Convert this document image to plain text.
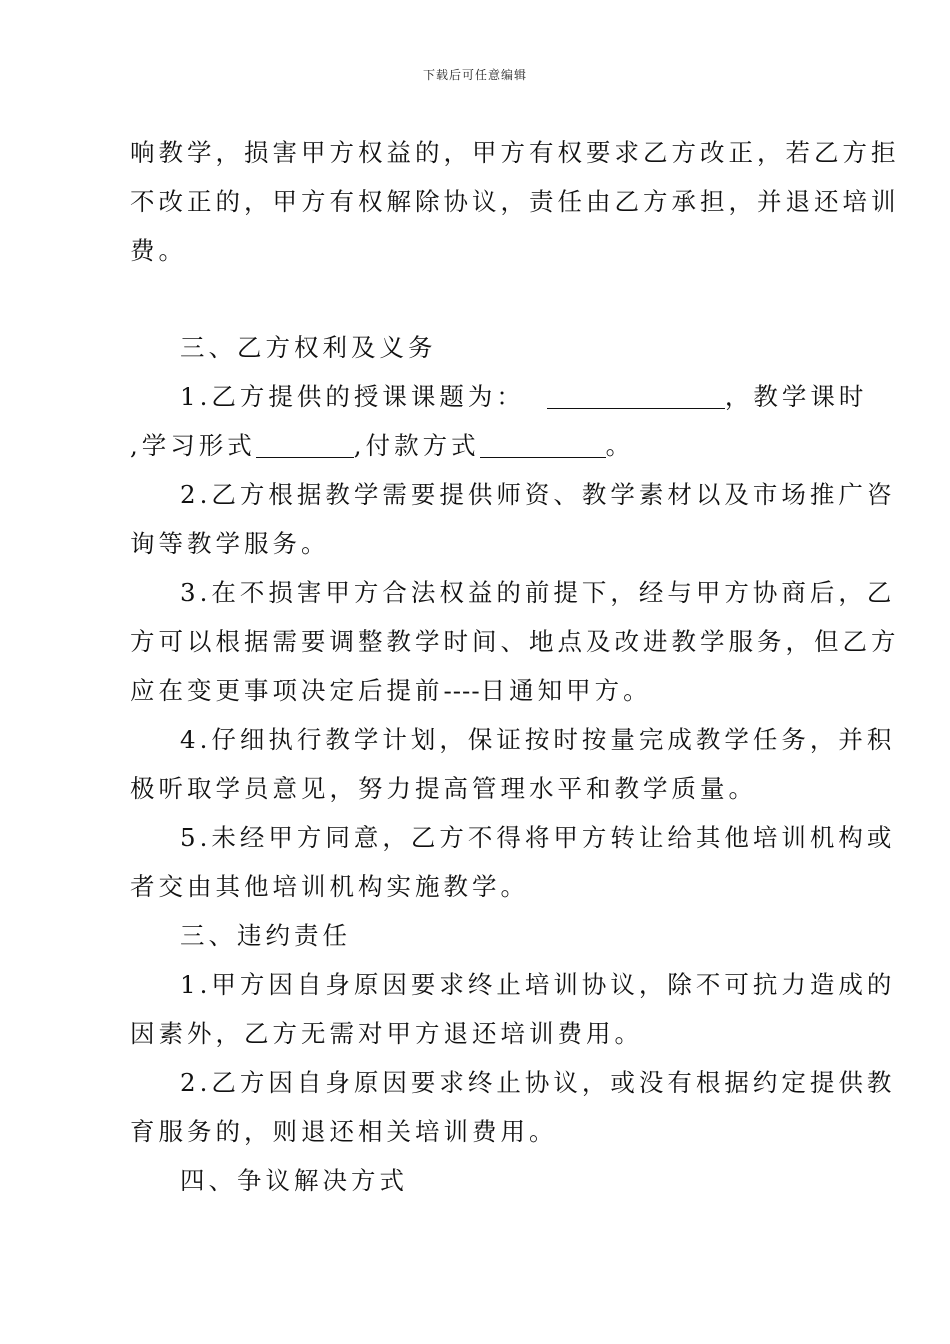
下载后可任意编辑
响教学，损害甲方权益的，甲方有权要求乙方改正，若乙方拒
不改正的，甲方有权解除协议，责任由乙方承担，并退还培训
费。
三、乙方权利及义务
1.乙方提供的授课课题为：	，教学课时
,学习形式	,付款方式	。
2.乙方根据教学需要提供师资、教学素材以及市场推广咨
询等教学服务。
3.在不损害甲方合法权益的前提下，经与甲方协商后，乙
方可以根据需要调整教学时间、地点及改进教学服务，但乙方
应在变更事项决定后提前----日通知甲方。
4.仔细执行教学计划，保证按时按量完成教学任务，并积
极听取学员意见，努力提高管理水平和教学质量。
5.未经甲方同意，乙方不得将甲方转让给其他培训机构或
者交由其他培训机构实施教学。
三、违约责任
1.甲方因自身原因要求终止培训协议，除不可抗力造成的
因素外，乙方无需对甲方退还培训费用。
2.乙方因自身原因要求终止协议，或没有根据约定提供教
育服务的，则退还相关培训费用。
四、争议解决方式
